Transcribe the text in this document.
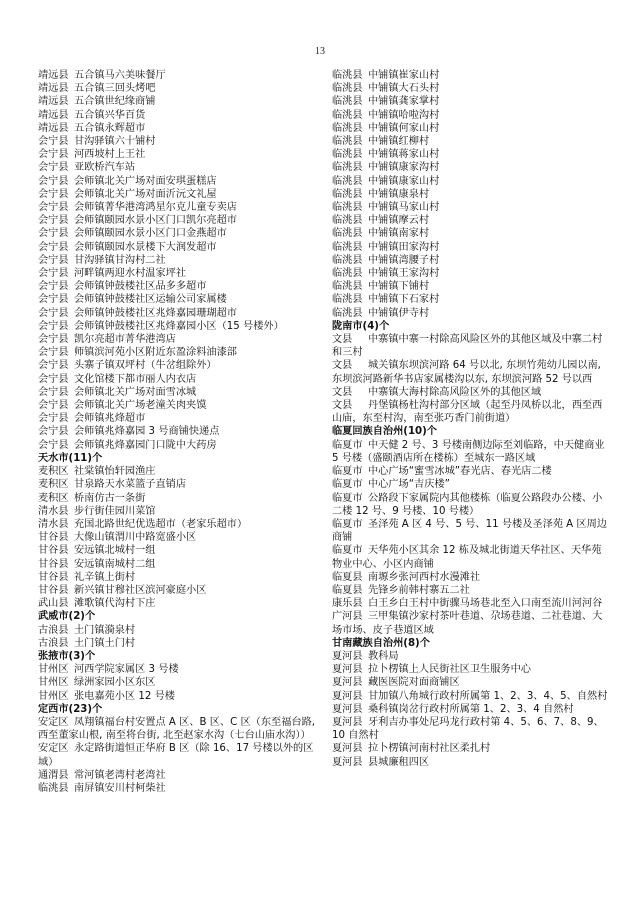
13
靖远县 五合镇马六美味餐厅
靖远县 五合镇三回头烤吧
靖远县 五合镇世纪缘商铺
靖远县 五合镇兴华百货
靖远县 五合镇永辉超市
会宁县 甘沟驿镇六十铺村
会宁县 河西坡村上王社
会宁县 亚欧桥汽车站
会宁县 会师镇北关广场对面安琪蛋糕店
会宁县 会师镇北关广场对面沂沅文礼屋
会宁县 会师镇菁华港湾鸿星尔克儿童专卖店
会宁县 会师镇颐园水景小区门口凯尔亮超市
会宁县 会师镇颐园水景小区门口金燕超市
会宁县 会师镇颐园水景楼下大润发超市
会宁县 甘沟驿镇甘沟村二社
会宁县 河畔镇两迎水村温家坪社
会宁县 会师镇钟鼓楼社区品多多超市
会宁县 会师镇钟鼓楼社区运输公司家属楼
会宁县 会师镇钟鼓楼社区兆烽嘉园珊瑚超市
会宁县 会师镇钟鼓楼社区兆烽嘉园小区（15 号楼外）
会宁县 凯尔亮超市菁华港湾店
会宁县 师镇滨河苑小区附近东盈涂料油漆部
会宁县 头寨子镇双坪村（牛岔组除外）
会宁县 文化馆楼下都市丽人内衣店
会宁县 会师镇北关广场对面雪冰城
会宁县 会师镇北关广场老潼关肉夹馍
会宁县 会师镇兆烽超市
会宁县 会师镇兆烽嘉园 3 号商铺快递点
会宁县 会师镇兆烽嘉园门口陇中大药房
天水市(11)个
麦积区 社棠镇怡轩园渔庄
麦积区 甘泉路天水菜篮子直销店
麦积区 桥南仿古一条街
清水县 步行街佳园川菜馆
清水县 充国北路世纪优选超市（老家乐超市）
甘谷县 大像山镇渭川中路宽盛小区
甘谷县 安远镇北城村一组
甘谷县 安远镇南城村二组
甘谷县 礼辛镇上街村
甘谷县 新兴镇甘穆社区滨河豪庭小区
武山县 滩歌镇代沟村下庄
武威市(2)个
古浪县 土门镇漪泉村
古浪县 土门镇土门村
张掖市(3)个
甘州区 河西学院家属区 3 号楼
甘州区 绿洲家园小区东区
甘州区 张电嘉苑小区 12 号楼
定西市(23)个
安定区 凤翔镇福台村安置点 A 区、B 区、C 区（东至福台路, 西至董家山根, 南至将台街, 北至赵家水沟（七台山庙水沟））
安定区 永定路街道恒正华府 B 区（除 16、17 号楼以外的区域）
通渭县 常河镇老湾村老湾社
临洮县 南屏镇安川村柯柴社
临洮县 中铺镇崔家山村
临洮县 中铺镇大石头村
临洮县 中铺镇龚家掌村
临洮县 中铺镇哈啦沟村
临洮县 中铺镇何家山村
临洮县 中铺镇红柳村
临洮县 中铺镇蒋家山村
临洮县 中铺镇康家沟村
临洮县 中铺镇康家山村
临洮县 中铺镇康泉村
临洮县 中铺镇马家山村
临洮县 中铺镇摩云村
临洮县 中铺镇南家村
临洮县 中铺镇田家沟村
临洮县 中铺镇湾腰子村
临洮县 中铺镇王家沟村
临洮县 中铺镇下铺村
临洮县 中铺镇下石家村
临洮县 中铺镇伊寺村
陇南市(4)个
文县 中寨镇中寨一村除高风险区外的其他区域及中寨二村和三村
文县 城关镇东坝滨河路 64 号以北, 东坝竹苑幼儿园以南, 东坝滨河路新华书店家属楼沟以东, 东坝滨河路 52 号以西
文县 中寨镇大海村除高风险区外的其他区域
文县 丹堡镇杨杜沟村部分区域（起至丹凤桥以北，西至西山庙，东至村沟，南至张巧香门前街道）
临夏回族自治州(10)个
临夏市 中天健 2 号、3 号楼南侧边际至刘临路，中天健商业 5 号楼（盛颐酒店所在楼栋）至城东一路区域
临夏市 中心广场“蜜雪冰城”春光店、春光店二楼
临夏市 中心广场“吉庆楼”
临夏市 公路段下家属院内其他楼栋（临夏公路段办公楼、小二楼 12 号、9 号楼、10 号楼）
临夏市 圣泽苑 A 区 4 号、5 号、11 号楼及圣泽苑 A 区周边商铺
临夏市 天华苑小区其余 12 栋及城北街道天华社区、天华苑物业中心、小区内商铺
临夏县 南塬乡张河西村水漫滩社
临夏县 先锋乡前韩村寨五二社
康乐县 白王乡白王村中街骤马场巷北至入口南至流川河河谷
广河县 三甲集镇沙家村茶叶巷道、尕场巷道、二社巷道、大场市场、皮子巷道区域
甘南藏族自治州(8)个
夏河县 教科局
夏河县 拉卜楞镇上人民街社区卫生服务中心
夏河县 藏医医院对面商铺区
夏河县 甘加镇八角城行政村所属第 1、2、3、4、5、自然村
夏河县 桑科镇岗岔行政村所属第 1、2、3、4 自然村
夏河县 牙利吉办事处尼玛龙行政村第 4、5、6、7、8、9、10 自然村
夏河县 拉卜楞镇河南村社区柔扎村
夏河县 县城廉租四区
